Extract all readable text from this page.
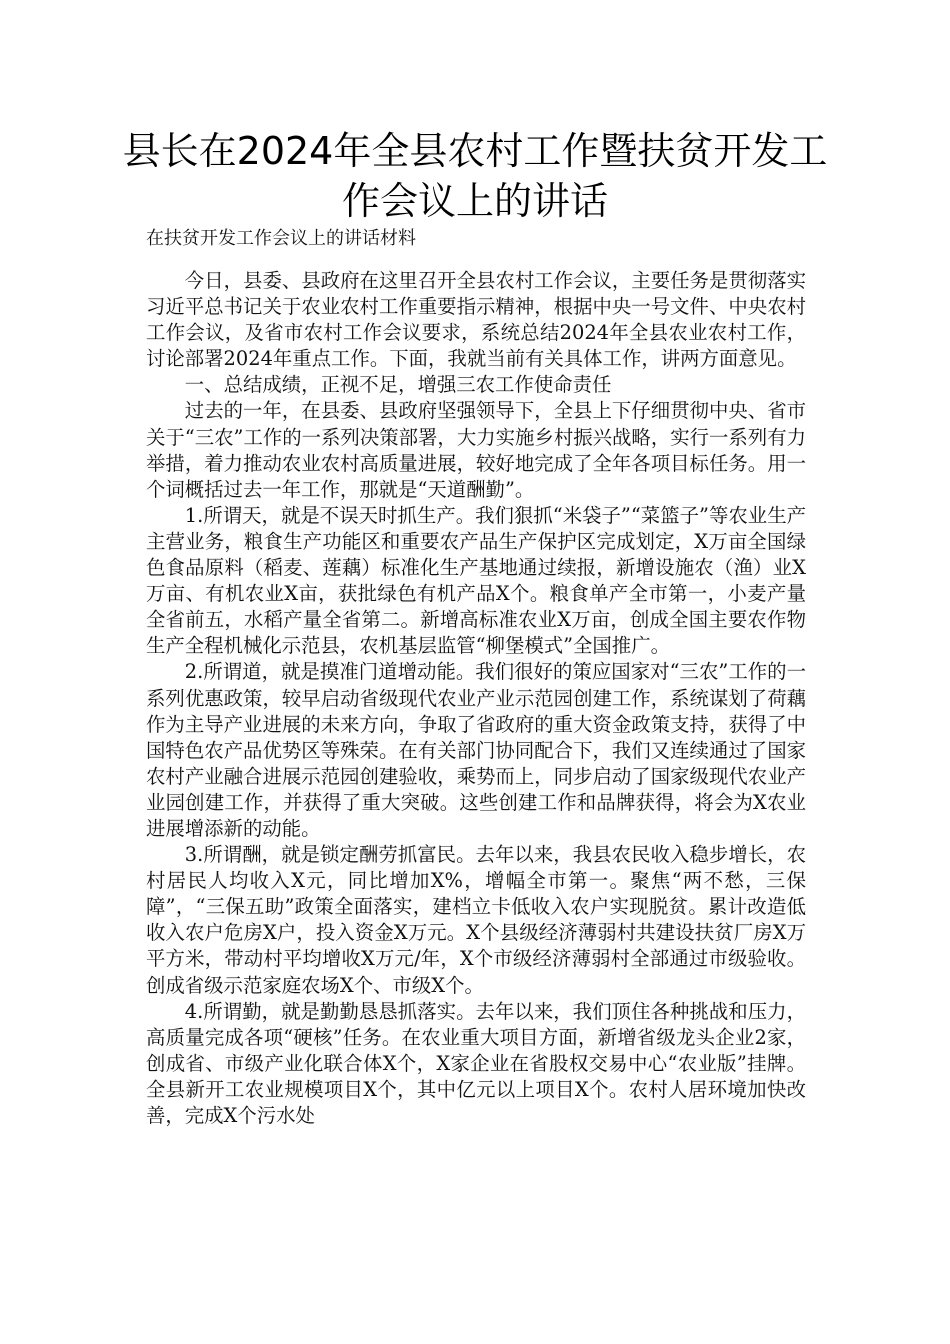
县长在2024年全县农村工作暨扶贫开发工作会议上的讲话

在扶贫开发工作会议上的讲话材料

今日，县委、县政府在这里召开全县农村工作会议，主要任务是贯彻落实习近平总书记关于农业农村工作重要指示精神，根据中央一号文件、中央农村工作会议，及省市农村工作会议要求，系统总结2024年全县农业农村工作，讨论部署2024年重点工作。下面，我就当前有关具体工作，讲两方面意见。

一、总结成绩，正视不足，增强三农工作使命责任

过去的一年，在县委、县政府坚强领导下，全县上下仔细贯彻中央、省市关于“三农”工作的一系列决策部署，大力实施乡村振兴战略，实行一系列有力举措，着力推动农业农村高质量进展，较好地完成了全年各项目标任务。用一个词概括过去一年工作，那就是“天道酬勤”。

1.所谓天，就是不误天时抓生产。我们狠抓“米袋子”“菜篮子”等农业生产主营业务，粮食生产功能区和重要农产品生产保护区完成划定，X万亩全国绿色食品原料（稻麦、莲藕）标准化生产基地通过续报，新增设施农（渔）业X万亩、有机农业X亩，获批绿色有机产品X个。粮食单产全市第一，小麦产量全省前五，水稻产量全省第二。新增高标准农业X万亩，创成全国主要农作物生产全程机械化示范县，农机基层监管“柳堡模式”全国推广。

2.所谓道，就是摸准门道增动能。我们很好的策应国家对“三农”工作的一系列优惠政策，较早启动省级现代农业产业示范园创建工作，系统谋划了荷藕作为主导产业进展的未来方向，争取了省政府的重大资金政策支持，获得了中国特色农产品优势区等殊荣。在有关部门协同配合下，我们又连续通过了国家农村产业融合进展示范园创建验收，乘势而上，同步启动了国家级现代农业产业园创建工作，并获得了重大突破。这些创建工作和品牌获得，将会为X农业进展增添新的动能。

3.所谓酬，就是锁定酬劳抓富民。去年以来，我县农民收入稳步增长，农村居民人均收入X元，同比增加X%，增幅全市第一。聚焦“两不愁，三保障”，“三保五助”政策全面落实，建档立卡低收入农户实现脱贫。累计改造低收入农户危房X户，投入资金X万元。X个县级经济薄弱村共建设扶贫厂房X万平方米，带动村平均增收X万元/年，X个市级经济薄弱村全部通过市级验收。创成省级示范家庭农场X个、市级X个。

4.所谓勤，就是勤勤恳恳抓落实。去年以来，我们顶住各种挑战和压力，高质量完成各项“硬核”任务。在农业重大项目方面，新增省级龙头企业2家，创成省、市级产业化联合体X个，X家企业在省股权交易中心“农业版”挂牌。全县新开工农业规模项目X个，其中亿元以上项目X个。农村人居环境加快改善，完成X个污水处
